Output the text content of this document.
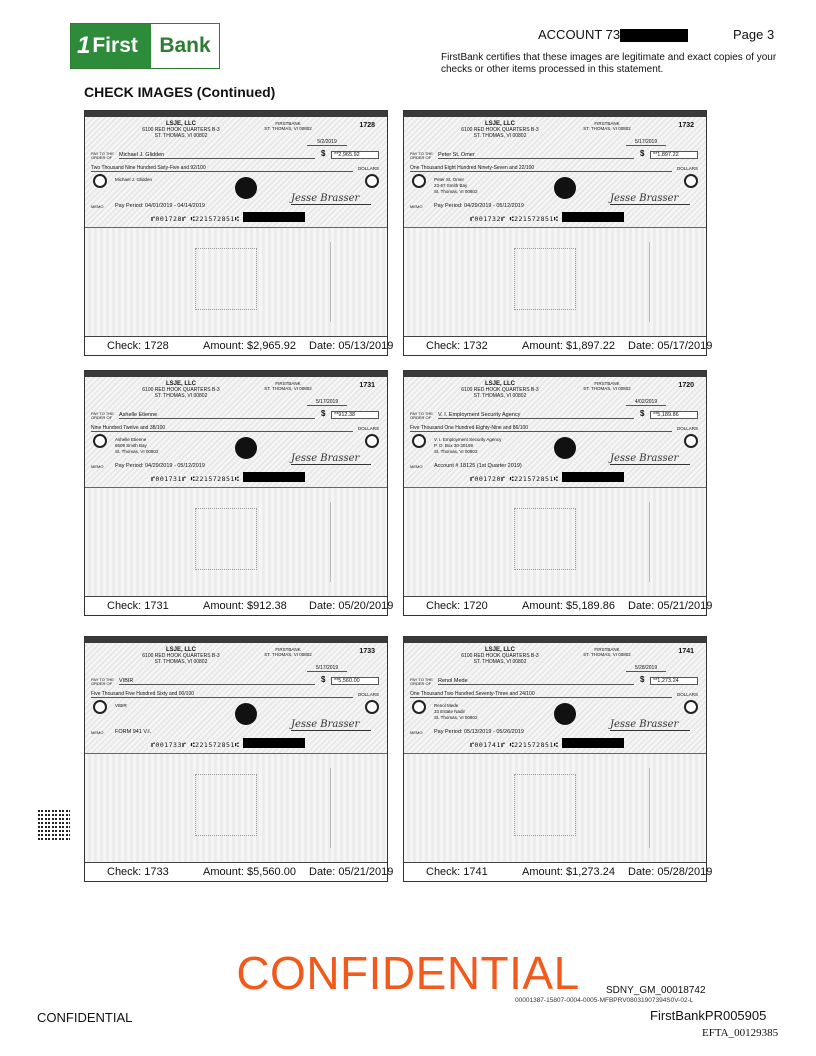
1 First	Bank	ACCOUNT 73	Page 3
FirstBank certifies that these images are legitimate and exact copies of your checks or other items processed in this statement.
CHECK IMAGES (Continued)
LSJE, LLC
6100 RED HOOK QUARTERS B-3
ST. THOMAS, VI 00802
FIRSTBANK
ST. THOMAS, VI 00802	1728
5/2/2019
PAY TO THE ORDER OF	Michael J. Glidden	$	**2,965.92
Two Thousand Nine Hundred Sixty-Five and 92/100	DOLLARS
Michael J. Glidden
MEMO Pay Period: 04/01/2019 - 04/14/2019
Jesse Brasser
⑈001728⑈ ⑆221572851⑆
Check: 1728	Amount: $2,965.92 Date: 05/13/2019
LSJE, LLC
6100 RED HOOK QUARTERS B-3
ST. THOMAS, VI 00802
FIRSTBANK
ST. THOMAS, VI 00802	1732
5/17/2019
PAY TO THE ORDER OF	Peter St. Omer	$	**1,897.22
One Thousand Eight Hundred Ninety-Seven and 22/100	DOLLARS
Peter St. Omer
23-67 Smith Bay
St. Thomas, VI 00802
MEMO Pay Period: 04/29/2019 - 05/12/2019
Jesse Brasser
⑈001732⑈ ⑆221572851⑆
Check: 1732	Amount: $1,897.22 Date: 05/17/2019
LSJE, LLC
6100 RED HOOK QUARTERS B-3
ST. THOMAS, VI 00802
FIRSTBANK
ST. THOMAS, VI 00802	1731
5/17/2019
PAY TO THE ORDER OF	Ashelle Etienne	$	**912.38
Nine Hundred Twelve and 38/100	DOLLARS
Ashelle Etienne
6509 Smith Bay
St. Thomas, VI 00802
MEMO Pay Period: 04/29/2019 - 05/12/2019
Jesse Brasser
⑈001731⑈ ⑆221572851⑆
Check: 1731	Amount: $912.38 Date: 05/20/2019
LSJE, LLC
6100 RED HOOK QUARTERS B-3
ST. THOMAS, VI 00802
FIRSTBANK
ST. THOMAS, VI 00802	1720
4/02/2019
PAY TO THE ORDER OF	V. I. Employment Security Agency	$	**5,189.86
Five Thousand One Hundred Eighty-Nine and 86/100	DOLLARS
V. I. Employment Security Agency
P. O. Box 30-30159
St. Thomas, VI 00803
MEMO Account # 18125 (1st Quarter 2019)
Jesse Brasser
⑈001720⑈ ⑆221572851⑆
Check: 1720	Amount: $5,189.86 Date: 05/21/2019
LSJE, LLC
6100 RED HOOK QUARTERS B-3
ST. THOMAS, VI 00802
FIRSTBANK
ST. THOMAS, VI 00802	1733
5/17/2019
PAY TO THE ORDER OF	VIBIR	$	**5,560.00
Five Thousand Five Hundred Sixty and 00/100	DOLLARS
VIBIR
MEMO FORM 941 V.I.
Jesse Brasser
⑈001733⑈ ⑆221572851⑆
Check: 1733	Amount: $5,560.00 Date: 05/21/2019
LSJE, LLC
6100 RED HOOK QUARTERS B-3
ST. THOMAS, VI 00802
FIRSTBANK
ST. THOMAS, VI 00802	1741
5/28/2019
PAY TO THE ORDER OF	Renol Mede	$	**1,273.24
One Thousand Two Hundred Seventy-Three and 24/100	DOLLARS
Renol Mede
33 Estate Nadir
St. Thomas, VI 00802
MEMO Pay Period: 05/13/2019 - 05/26/2019
Jesse Brasser
⑈001741⑈ ⑆221572851⑆
Check: 1741	Amount: $1,273.24 Date: 05/28/2019
CONFIDENTIAL	SDNY_GM_00018742
00001387-15807-0004-0005-MFBPRV08031907394S0V-02-L
CONFIDENTIAL	FirstBankPR005905
EFTA_00129385
